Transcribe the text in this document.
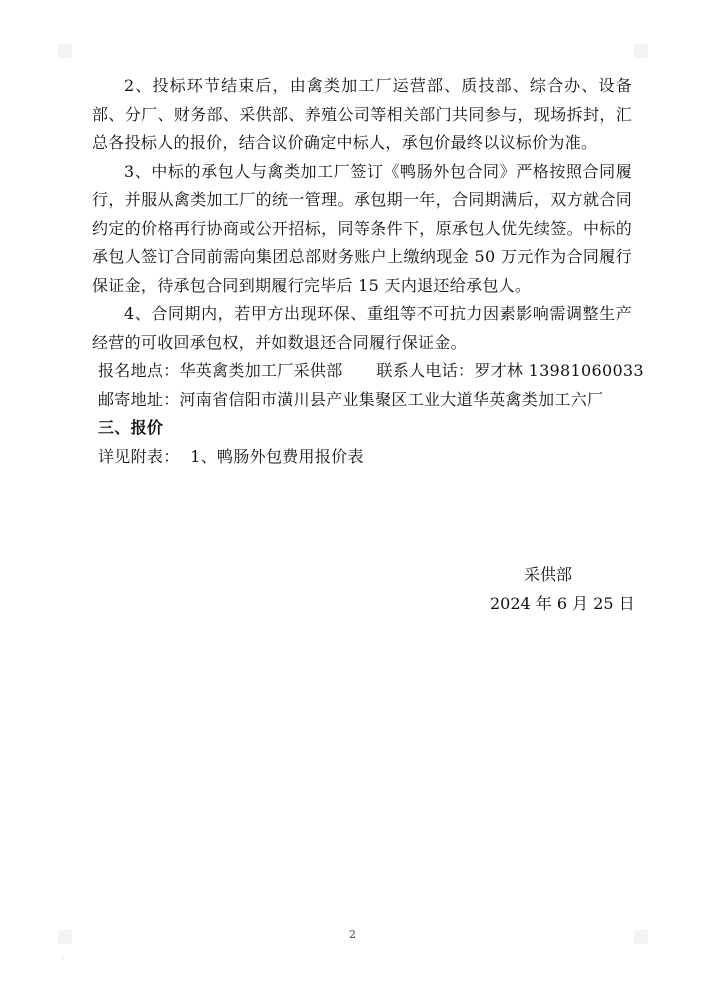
2、投标环节结束后，由禽类加工厂运营部、质技部、综合办、设备部、分厂、财务部、采供部、养殖公司等相关部门共同参与，现场拆封，汇总各投标人的报价，结合议价确定中标人，承包价最终以议标价为准。

3、中标的承包人与禽类加工厂签订《鸭肠外包合同》严格按照合同履行，并服从禽类加工厂的统一管理。承包期一年，合同期满后，双方就合同约定的价格再行协商或公开招标，同等条件下，原承包人优先续签。中标的承包人签订合同前需向集团总部财务账户上缴纳现金 50 万元作为合同履行保证金，待承包合同到期履行完毕后 15 天内退还给承包人。

4、合同期内，若甲方出现环保、重组等不可抗力因素影响需调整生产经营的可收回承包权，并如数退还合同履行保证金。

报名地点：华英禽类加工厂采供部 联系人电话：罗才林 13981060033

邮寄地址：河南省信阳市潢川县产业集聚区工业大道华英禽类加工六厂

三、报价

详见附表：  1、鸭肠外包费用报价表

采供部
2024 年 6 月 25 日
2
.
